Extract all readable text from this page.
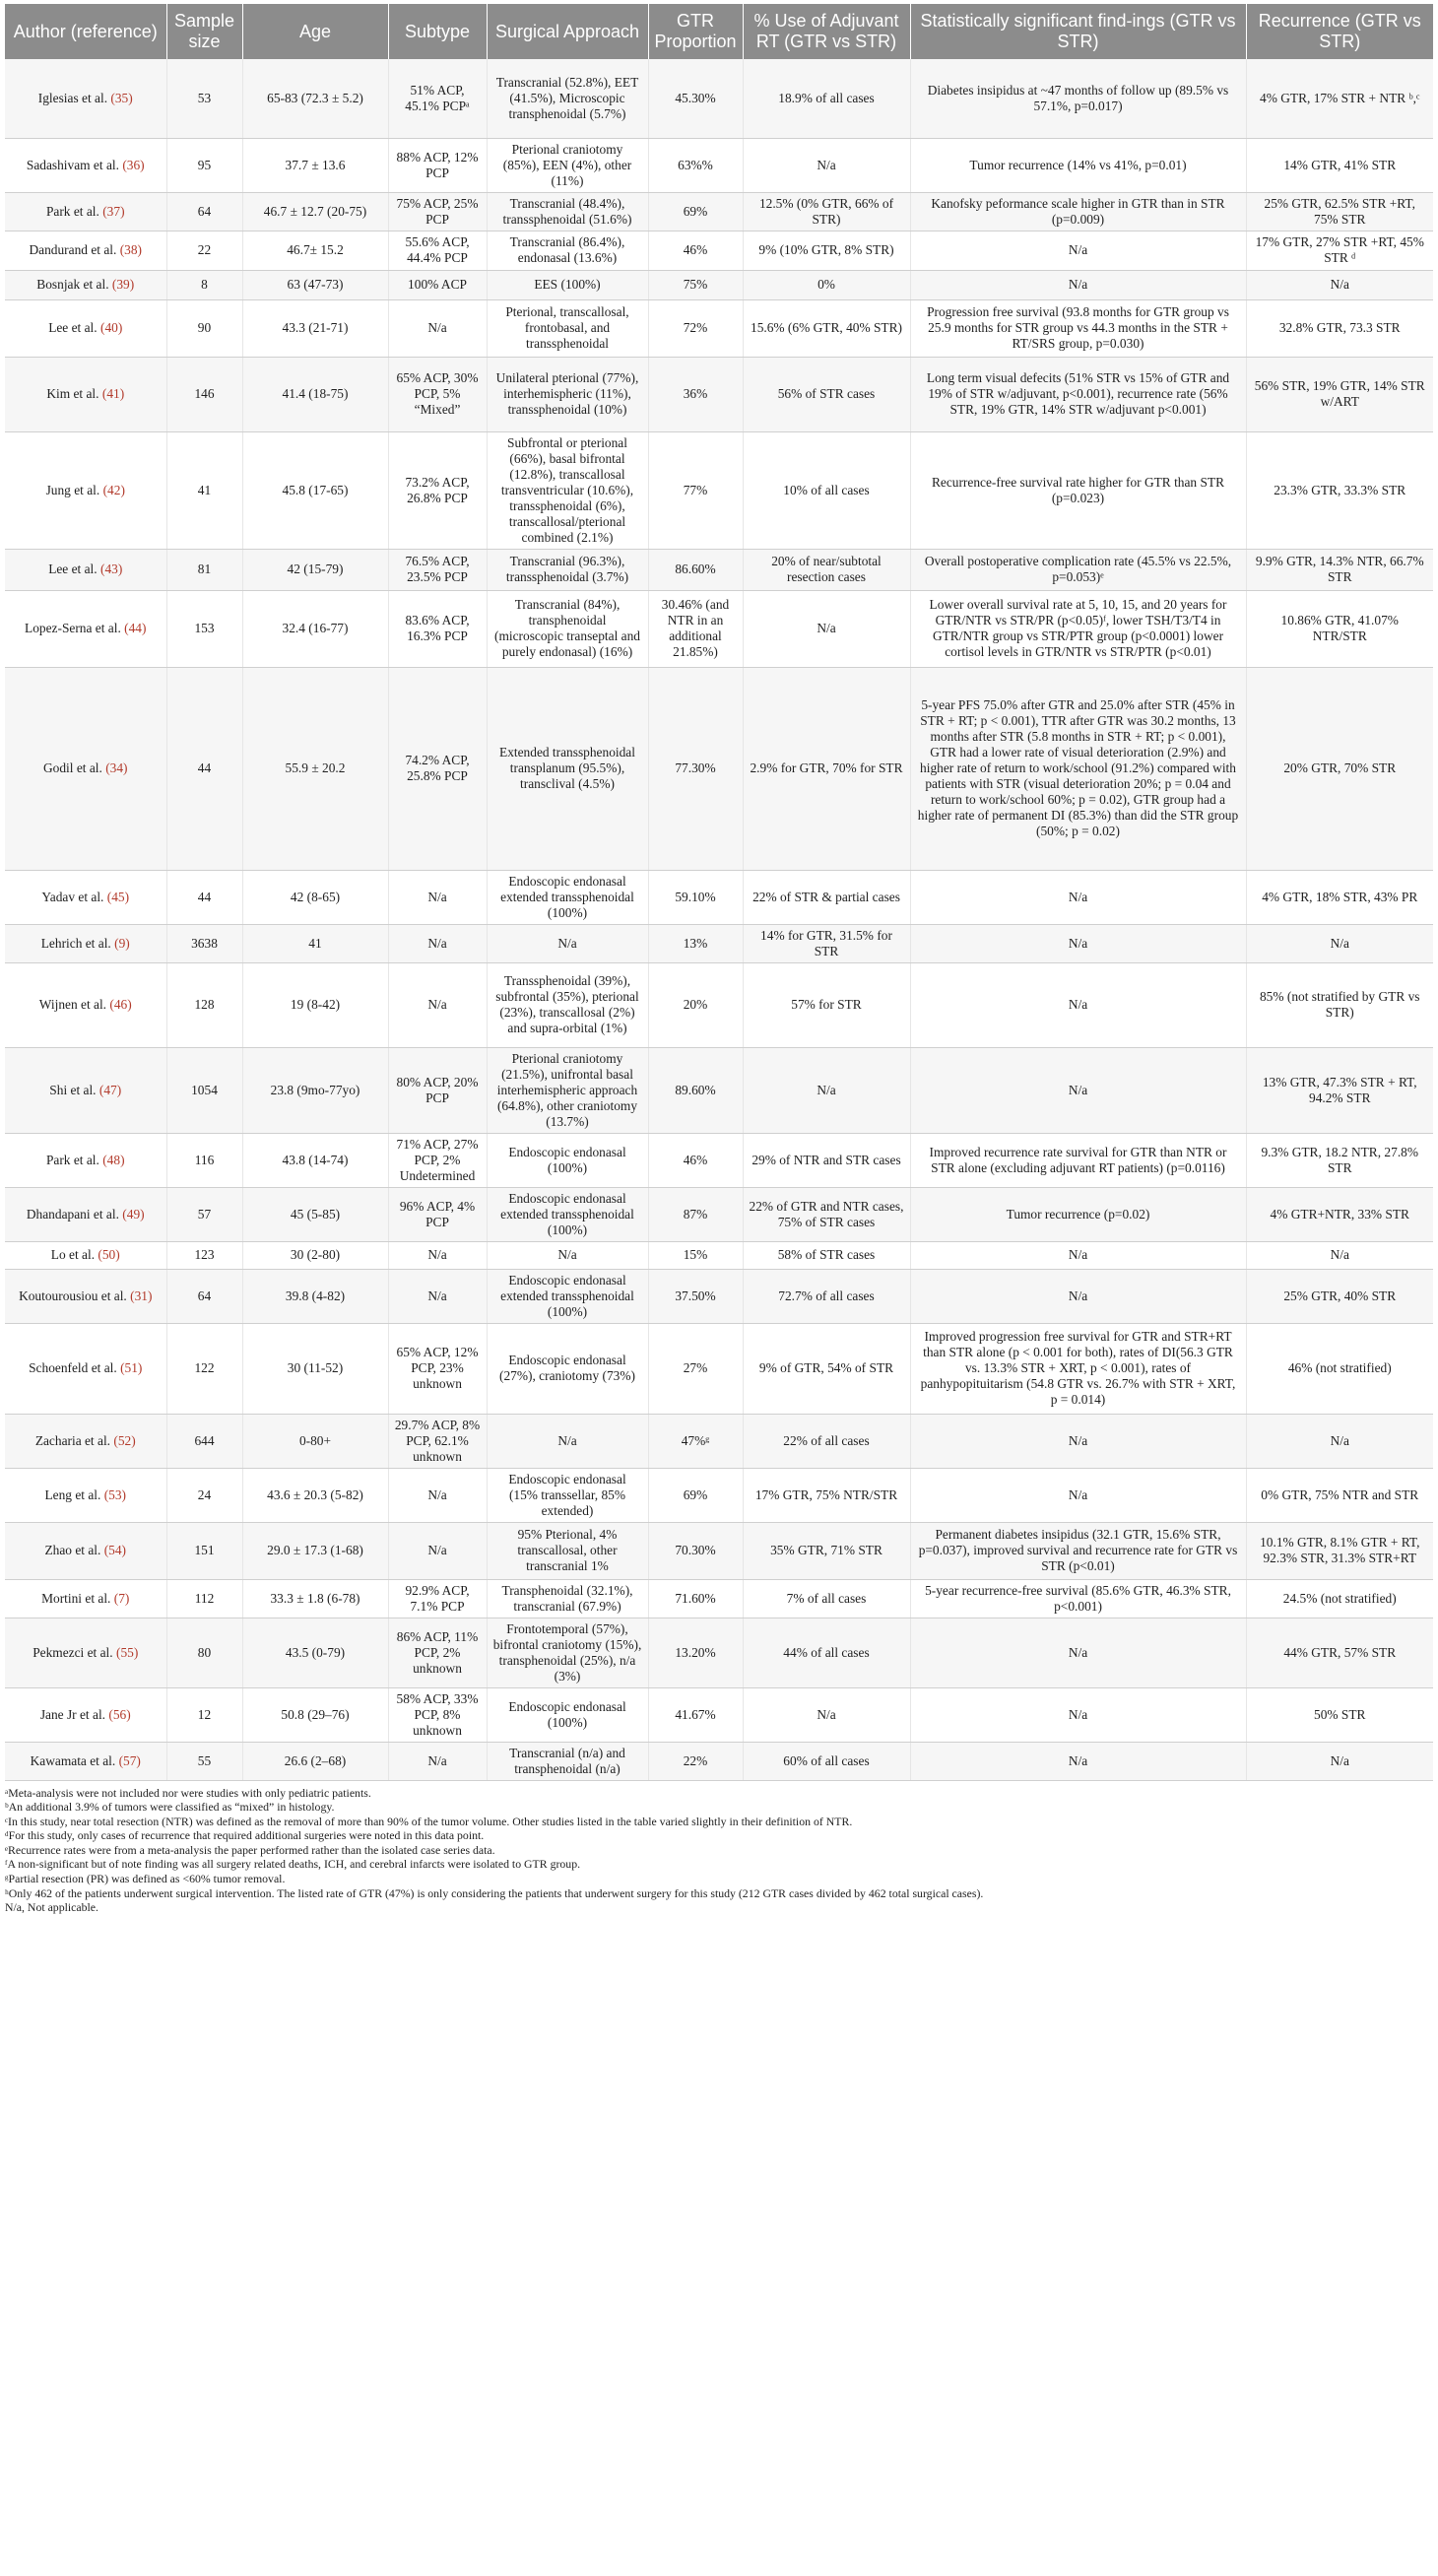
Author (reference)	Sample size	Age	Subtype	Surgical Approach	GTR Proportion	% Use of Adjuvant RT (GTR vs STR)	Statistically significant find-ings (GTR vs STR)	Recurrence (GTR vs STR)
Iglesias et al. (35)	53	65-83 (72.3 ± 5.2)	51% ACP, 45.1% PCPᵃ	Transcranial (52.8%), EET (41.5%), Microscopic transphenoidal (5.7%)	45.30%	18.9% of all cases	Diabetes insipidus at ~47 months of follow up (89.5% vs 57.1%, p=0.017)	4% GTR, 17% STR + NTR ᵇ,ᶜ
Sadashivam et al. (36)	95	37.7 ± 13.6	88% ACP, 12% PCP	Pterional craniotomy (85%), EEN (4%), other (11%)	63%%	N/a	Tumor recurrence (14% vs 41%, p=0.01)	14% GTR, 41% STR
Park et al. (37)	64	46.7 ± 12.7 (20-75)	75% ACP, 25% PCP	Transcranial (48.4%), transsphenoidal (51.6%)	69%	12.5% (0% GTR, 66% of STR)	Kanofsky peformance scale higher in GTR than in STR (p=0.009)	25% GTR, 62.5% STR +RT, 75% STR
Dandurand et al. (38)	22	46.7± 15.2	55.6% ACP, 44.4% PCP	Transcranial (86.4%), endonasal (13.6%)	46%	9% (10% GTR, 8% STR)	N/a	17% GTR, 27% STR +RT, 45% STR ᵈ
Bosnjak et al. (39)	8	63 (47-73)	100% ACP	EES (100%)	75%	0%	N/a	N/a
Lee et al. (40)	90	43.3 (21-71)	N/a	Pterional, transcallosal, frontobasal, and transsphenoidal	72%	15.6% (6% GTR, 40% STR)	Progression free survival (93.8 months for GTR group vs 25.9 months for STR group vs 44.3 months in the STR + RT/SRS group, p=0.030)	32.8% GTR, 73.3 STR
Kim et al. (41)	146	41.4 (18-75)	65% ACP, 30% PCP, 5% “Mixed”	Unilateral pterional (77%), interhemispheric (11%), transsphenoidal (10%)	36%	56% of STR cases	Long term visual defecits (51% STR vs 15% of GTR and 19% of STR w/adjuvant, p<0.001), recurrence rate (56% STR, 19% GTR, 14% STR w/adjuvant p<0.001)	56% STR, 19% GTR, 14% STR w/ART
Jung et al. (42)	41	45.8 (17-65)	73.2% ACP, 26.8% PCP	Subfrontal or pterional (66%), basal bifrontal (12.8%), transcallosal transventricular (10.6%), transsphenoidal (6%), transcallosal/pterional combined (2.1%)	77%	10% of all cases	Recurrence-free survival rate higher for GTR than STR (p=0.023)	23.3% GTR, 33.3% STR
Lee et al. (43)	81	42 (15-79)	76.5% ACP, 23.5% PCP	Transcranial (96.3%), transsphenoidal (3.7%)	86.60%	20% of near/subtotal resection cases	Overall postoperative complication rate (45.5% vs 22.5%, p=0.053)ᵉ	9.9% GTR, 14.3% NTR, 66.7% STR
Lopez-Serna et al. (44)	153	32.4 (16-77)	83.6% ACP, 16.3% PCP	Transcranial (84%), transphenoidal (microscopic transeptal and purely endonasal) (16%)	30.46% (and NTR in an additional 21.85%)	N/a	Lower overall survival rate at 5, 10, 15, and 20 years for GTR/NTR vs STR/PR (p<0.05)ᶠ, lower TSH/T3/T4 in GTR/NTR group vs STR/PTR group (p<0.0001) lower cortisol levels in GTR/NTR vs STR/PTR (p<0.01)	10.86% GTR, 41.07% NTR/STR
Godil et al. (34)	44	55.9 ± 20.2	74.2% ACP, 25.8% PCP	Extended transsphenoidal transplanum (95.5%), transclival (4.5%)	77.30%	2.9% for GTR, 70% for STR	5-year PFS 75.0% after GTR and 25.0% after STR (45% in STR + RT; p < 0.001), TTR after GTR was 30.2 months, 13 months after STR (5.8 months in STR + RT; p < 0.001), GTR had a lower rate of visual deterioration (2.9%) and higher rate of return to work/school (91.2%) compared with patients with STR (visual deterioration 20%; p = 0.04 and return to work/school 60%; p = 0.02), GTR group had a higher rate of permanent DI (85.3%) than did the STR group (50%; p = 0.02)	20% GTR, 70% STR
Yadav et al. (45)	44	42 (8-65)	N/a	Endoscopic endonasal extended transsphenoidal (100%)	59.10%	22% of STR & partial cases	N/a	4% GTR, 18% STR, 43% PR
Lehrich et al. (9)	3638	41	N/a	N/a	13%	14% for GTR, 31.5% for STR	N/a	N/a
Wijnen et al. (46)	128	19 (8-42)	N/a	Transsphenoidal (39%), subfrontal (35%), pterional (23%), transcallosal (2%) and supra-orbital (1%)	20%	57% for STR	N/a	85% (not stratified by GTR vs STR)
Shi et al. (47)	1054	23.8 (9mo-77yo)	80% ACP, 20% PCP	Pterional craniotomy (21.5%), unifrontal basal interhemispheric approach (64.8%), other craniotomy (13.7%)	89.60%	N/a	N/a	13% GTR, 47.3% STR + RT, 94.2% STR
Park et al. (48)	116	43.8 (14-74)	71% ACP, 27% PCP, 2% Undetermined	Endoscopic endonasal (100%)	46%	29% of NTR and STR cases	Improved recurrence rate survival for GTR than NTR or STR alone (excluding adjuvant RT patients) (p=0.0116)	9.3% GTR, 18.2 NTR, 27.8% STR
Dhandapani et al. (49)	57	45 (5-85)	96% ACP, 4% PCP	Endoscopic endonasal extended transsphenoidal (100%)	87%	22% of GTR and NTR cases, 75% of STR cases	Tumor recurrence (p=0.02)	4% GTR+NTR, 33% STR
Lo et al. (50)	123	30 (2-80)	N/a	N/a	15%	58% of STR cases	N/a	N/a
Koutourousiou et al. (31)	64	39.8 (4-82)	N/a	Endoscopic endonasal extended transsphenoidal (100%)	37.50%	72.7% of all cases	N/a	25% GTR, 40% STR
Schoenfeld et al. (51)	122	30 (11-52)	65% ACP, 12% PCP, 23% unknown	Endoscopic endonasal (27%), craniotomy (73%)	27%	9% of GTR, 54% of STR	Improved progression free survival for GTR and STR+RT than STR alone (p < 0.001 for both), rates of DI(56.3 GTR vs. 13.3% STR + XRT, p < 0.001), rates of panhypopituitarism (54.8 GTR vs. 26.7% with STR + XRT, p = 0.014)	46% (not stratified)
Zacharia et al. (52)	644	0-80+	29.7% ACP, 8% PCP, 62.1% unknown	N/a	47%ᵍ	22% of all cases	N/a	N/a
Leng et al. (53)	24	43.6 ± 20.3 (5-82)	N/a	Endoscopic endonasal (15% transsellar, 85% extended)	69%	17% GTR, 75% NTR/STR	N/a	0% GTR, 75% NTR and STR
Zhao et al. (54)	151	29.0 ± 17.3 (1-68)	N/a	95% Pterional, 4% transcallosal, other transcranial 1%	70.30%	35% GTR, 71% STR	Permanent diabetes insipidus (32.1 GTR, 15.6% STR, p=0.037), improved survival and recurrence rate for GTR vs STR (p<0.01)	10.1% GTR, 8.1% GTR + RT, 92.3% STR, 31.3% STR+RT
Mortini et al. (7)	112	33.3 ± 1.8 (6-78)	92.9% ACP, 7.1% PCP	Transphenoidal (32.1%), transcranial (67.9%)	71.60%	7% of all cases	5-year recurrence-free survival (85.6% GTR, 46.3% STR, p<0.001)	24.5% (not stratified)
Pekmezci et al. (55)	80	43.5 (0-79)	86% ACP, 11% PCP, 2% unknown	Frontotemporal (57%), bifrontal craniotomy (15%), transphenoidal (25%), n/a (3%)	13.20%	44% of all cases	N/a	44% GTR, 57% STR
Jane Jr et al. (56)	12	50.8 (29–76)	58% ACP, 33% PCP, 8% unknown	Endoscopic endonasal (100%)	41.67%	N/a	N/a	50% STR
Kawamata et al. (57)	55	26.6 (2–68)	N/a	Transcranial (n/a) and transphenoidal (n/a)	22%	60% of all cases	N/a	N/a
ᵃMeta-analysis were not included nor were studies with only pediatric patients.
ᵇAn additional 3.9% of tumors were classified as “mixed” in histology.
ᶜIn this study, near total resection (NTR) was defined as the removal of more than 90% of the tumor volume. Other studies listed in the table varied slightly in their definition of NTR.
ᵈFor this study, only cases of recurrence that required additional surgeries were noted in this data point.
ᵉRecurrence rates were from a meta-analysis the paper performed rather than the isolated case series data.
ᶠA non-significant but of note finding was all surgery related deaths, ICH, and cerebral infarcts were isolated to GTR group.
ᵍPartial resection (PR) was defined as <60% tumor removal.
ʰOnly 462 of the patients underwent surgical intervention. The listed rate of GTR (47%) is only considering the patients that underwent surgery for this study (212 GTR cases divided by 462 total surgical cases).
N/a, Not applicable.
